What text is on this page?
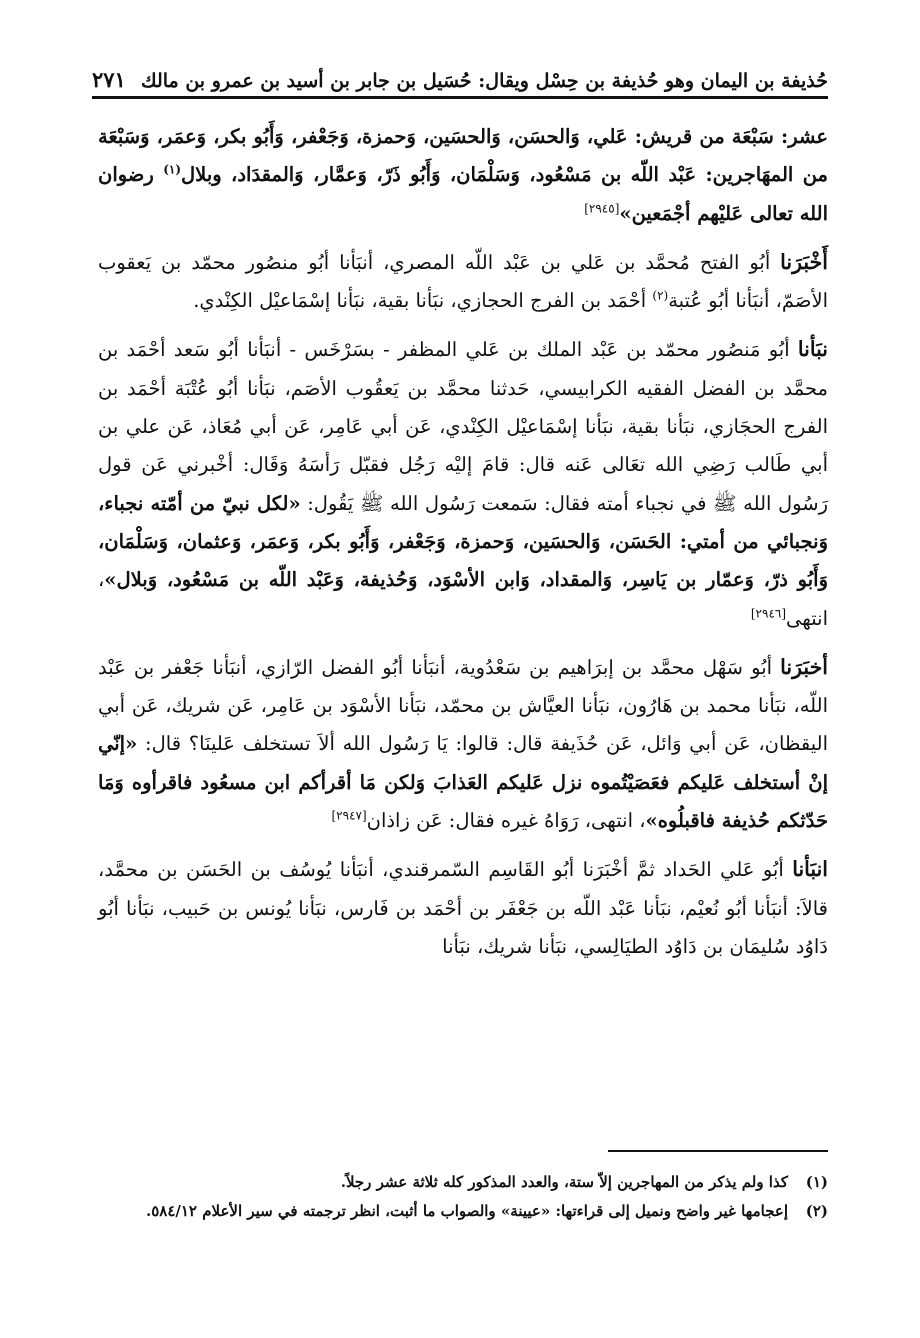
حُذيفة بن اليمان وهو حُذيفة بن حِسْل ويقال: حُسَيل بن جابر بن أسيد بن عمرو بن مالك
٢٧١

عشر: سَبْعَة من قريش: عَلي، وَالحسَن، وَالحسَين، وَحمزة، وَجَعْفر، وَأَبُو بكر، وَعمَر، وَسَبْعَة من المهَاجرين: عَبْد اللّه بن مَسْعُود، وَسَلْمَان، وَأَبُو ذَرّ، وَعمَّار، وَالمقدَاد، وبلال$^{(١)}$ رضوان الله تعالى عَليْهم أجْمَعين»[٢٩٤٥]

أَخْبَرَنا أبُو الفتح مُحمَّد بن عَلي بن عَبْد اللّه المصري، أنبَأنا أبُو منصُور محمّد بن يَعقوب الأصَمّ، أنبَأنا أبُو عُتبة$^{(٢)}$ أحْمَد بن الفرج الحجازي، نبَأنا بقية، نبَأنا إسْمَاعيْل الكِنْدي.

نبَأنا أبُو مَنصُور محمّد بن عَبْد الملك بن عَلي المظفر - بسَرْخَس - أنبَأنا أبُو سَعد أحْمَد بن محمَّد بن الفضل الفقيه الكرابيسي، حَدثنا محمَّد بن يَعقُوب الأصَم، نبَأنا أبُو عُتْبَة أحْمَد بن الفرج الحجَازي، نبَأنا بقية، نبَأنا إسْمَاعيْل الكِنْدي، عَن أبي عَامِر، عَن أبي مُعَاذ، عَن علي بن أبي طَالب رَضِي الله تعَالى عَنه قال: قامَ إليْه رَجُل فقبّل رَأسَهُ وَقَال: أخْبرني عَن قول رَسُول الله ﷺ في نجباء أمته فقال: سَمعت رَسُول الله ﷺ يَقُول: «لكل نبيّ من أمّته نجباء، وَنجبائي من أمتي: الحَسَن، وَالحسَين، وَحمزة، وَجَعْفر، وَأَبُو بكر، وَعمَر، وَعثمان، وَسَلْمَان، وَأَبُو ذرّ، وَعمّار بن يَاسِر، وَالمقداد، وَابن الأسْوَد، وَحُذيفة، وَعَبْد اللّه بن مَسْعُود، وَبلال»، انتهى[٢٩٤٦]

أخبَرَنا أبُو سَهْل محمَّد بن إبرَاهيم بن سَعْدُوية، أنبَأنا أبُو الفضل الرّازي، أنبَأنا جَعْفر بن عَبْد اللّه، نبَأنا محمد بن هَارُون، نبَأنا العيَّاش بن محمّد، نبَأنا الأسْوَد بن عَامِر، عَن شريك، عَن أبي اليقظان، عَن أبي وَائل، عَن حُذَيفة قال: قالوا: يَا رَسُول الله ألاَ تستخلف عَلينَا؟ قال: «إنّي إنْ أستخلف عَليكم فعَصَيْتُموه نزل عَليكم العَذابَ وَلكن مَا أقرأكم ابن مسعُود فاقرأوه وَمَا حَدّثكم حُذيفة فاقبلُوه»، انتهى، رَوَاهُ غيره فقال: عَن زاذان[٢٩٤٧]

انبَأنا أبُو عَلي الحَداد ثمَّ أخْبَرَنا أبُو القَاسِم السّمرقندي، أنبَأنا يُوسُف بن الحَسَن بن محمَّد، قالاَ: أنبَأنا أبُو نُعيْم، نبَأنا عَبْد اللّه بن جَعْفَر بن أحْمَد بن فَارس، نبَأنا يُونس بن حَبيب، نبَأنا أبُو دَاوُد سُليمَان بن دَاوُد الطيَالِسي، نبَأنا شريك، نبَأنا

(١)
كذا ولم يذكر من المهاجرين إلاّ ستة، والعدد المذكور كله ثلاثة عشر رجلاً.
(٢)
إعجامها غير واضح ونميل إلى قراءتها: «عيينة» والصواب ما أثبت، انظر ترجمته في سير الأعلام ٥٨٤/١٢.
